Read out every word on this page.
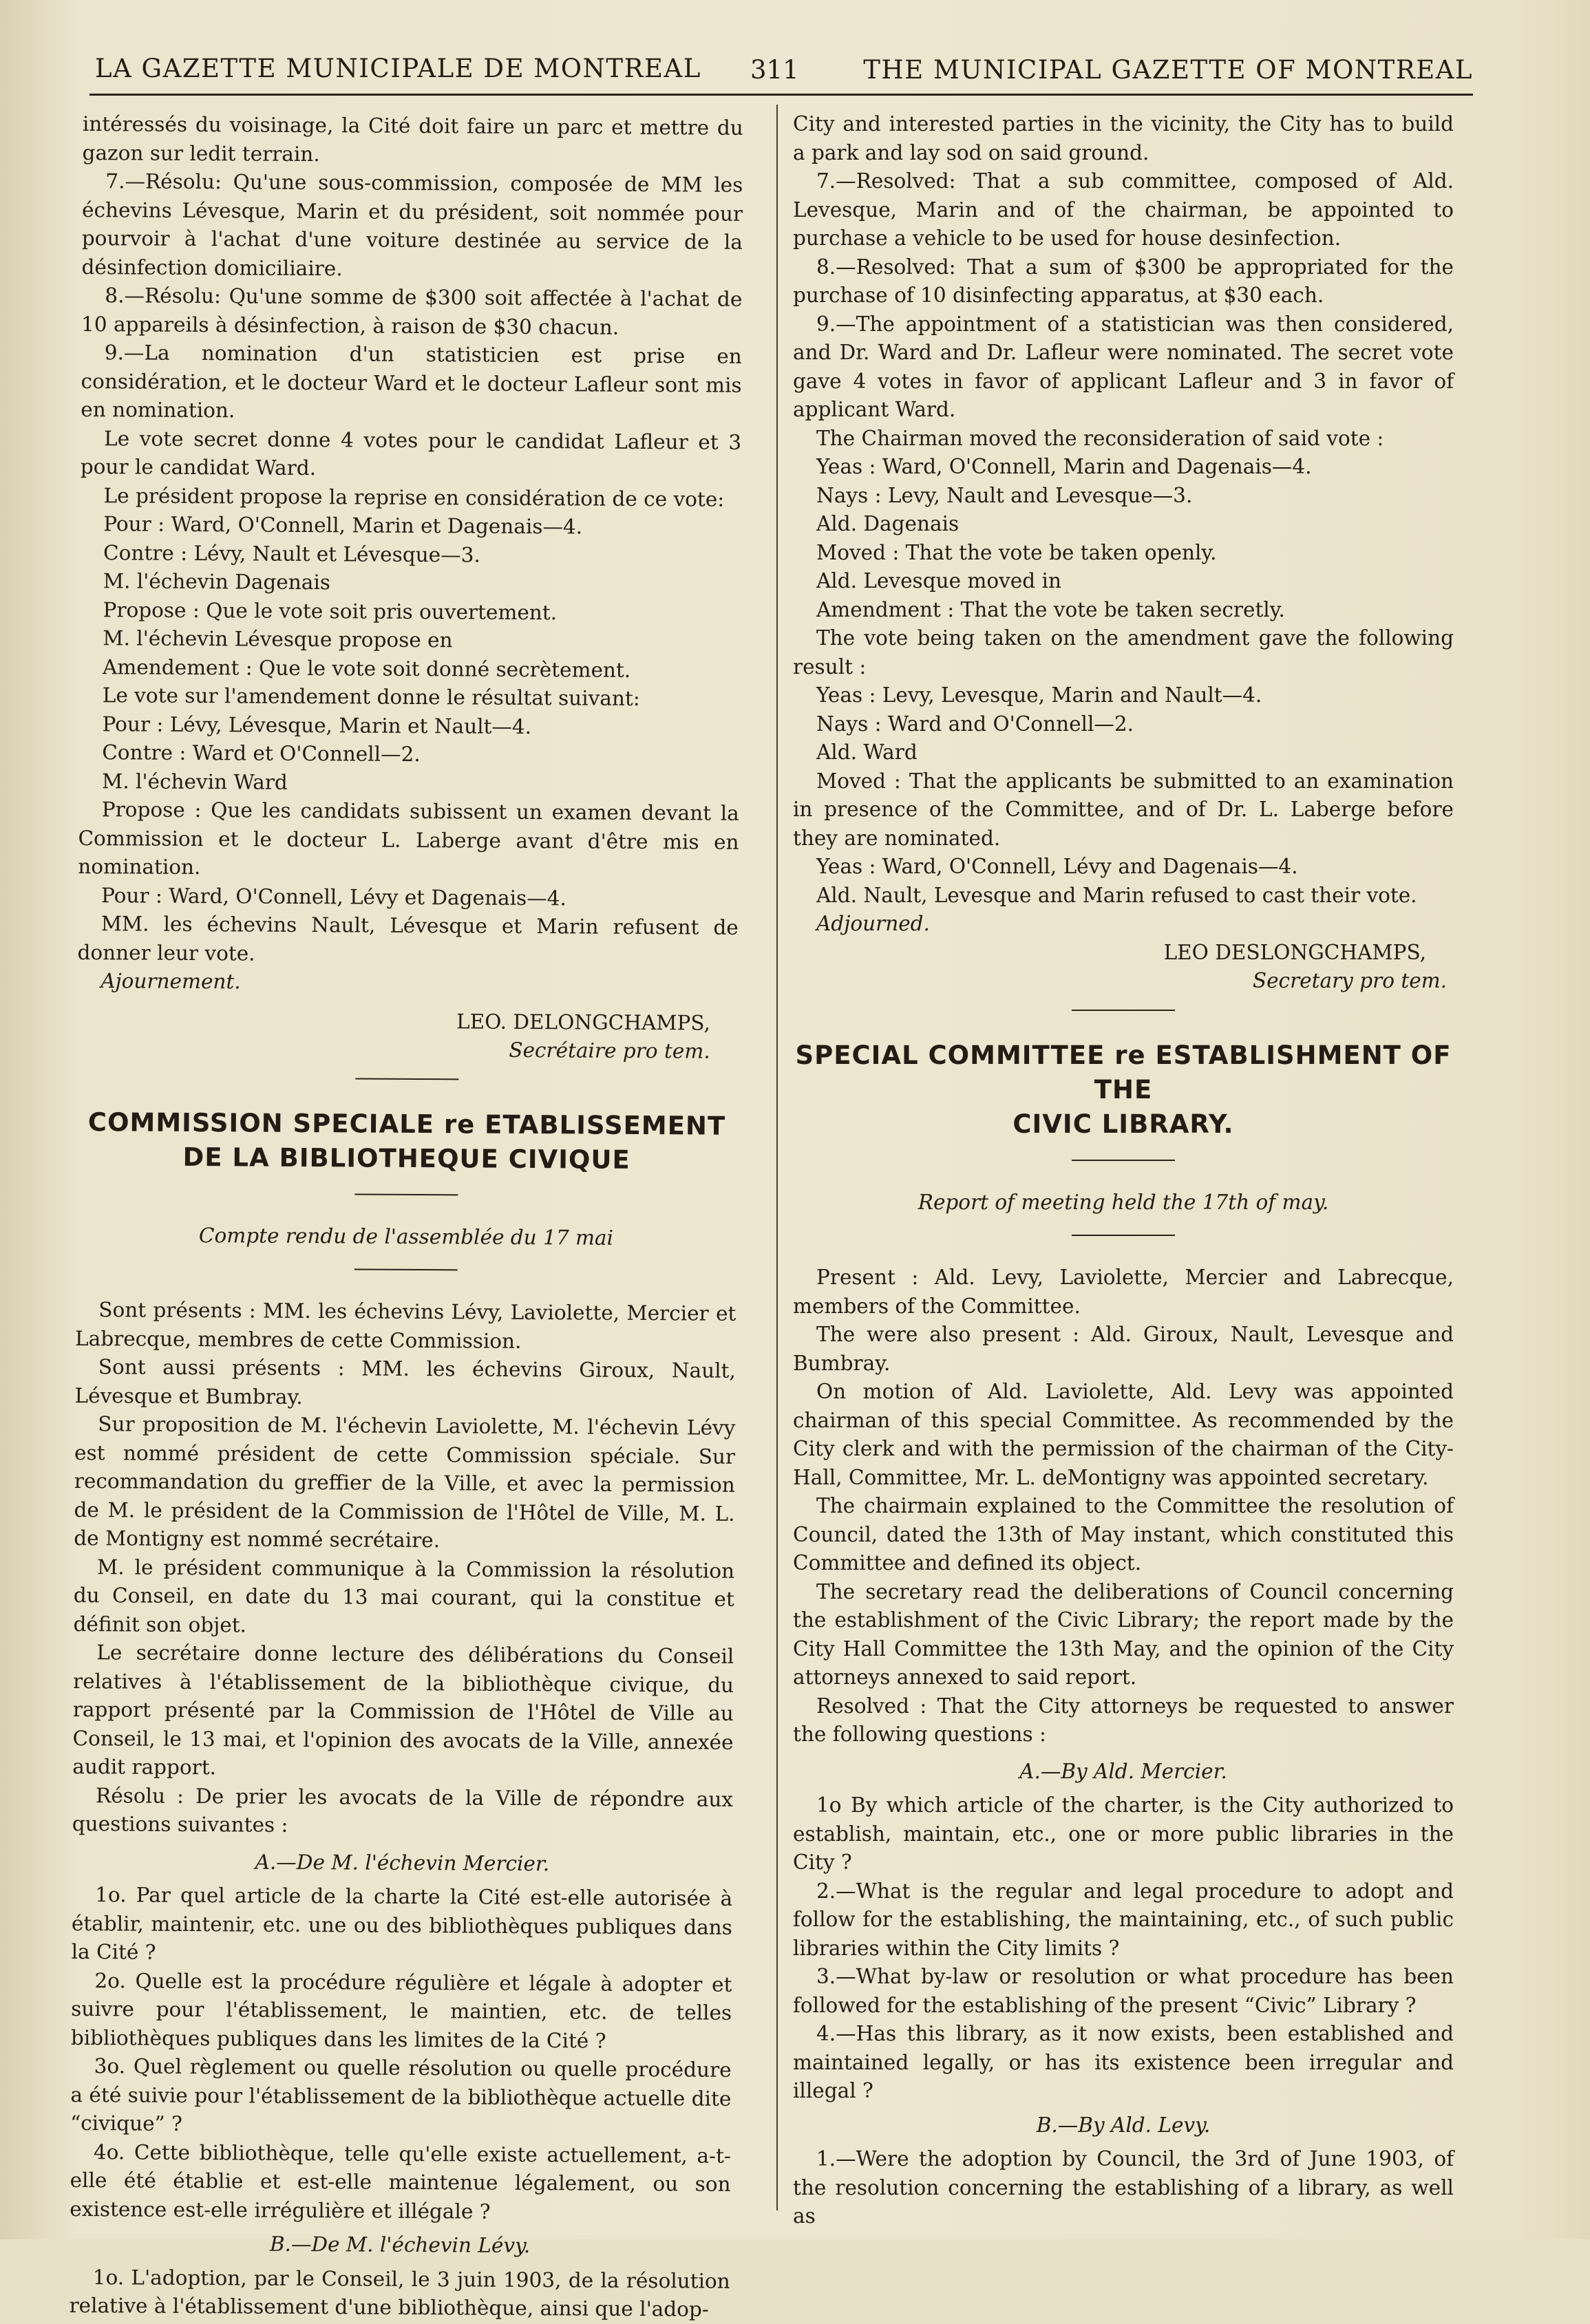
LA GAZETTE MUNICIPALE DE MONTREAL 311	THE MUNICIPAL GAZETTE OF MONTREAL

intéressés du voisinage, la Cité doit faire un parc et mettre du gazon sur ledit terrain.

7.—Résolu: Qu'une sous-commission, composée de MM les échevins Lévesque, Marin et du président, soit nommée pour pourvoir à l'achat d'une voiture destinée au service de la désinfection domiciliaire.

8.—Résolu: Qu'une somme de $300 soit affectée à l'achat de 10 appareils à désinfection, à raison de $30 chacun.

9.—La nomination d'un statisticien est prise en considération, et le docteur Ward et le docteur Lafleur sont mis en nomination.

Le vote secret donne 4 votes pour le candidat Lafleur et 3 pour le candidat Ward.

Le président propose la reprise en considération de ce vote:

Pour : Ward, O'Connell, Marin et Dagenais—4.

Contre : Lévy, Nault et Lévesque—3.

M. l'échevin Dagenais

Propose : Que le vote soit pris ouvertement.

M. l'échevin Lévesque propose en

Amendement : Que le vote soit donné secrètement.

Le vote sur l'amendement donne le résultat suivant:

Pour : Lévy, Lévesque, Marin et Nault—4.

Contre : Ward et O'Connell—2.

M. l'échevin Ward

Propose : Que les candidats subissent un examen devant la Commission et le docteur L. Laberge avant d'être mis en nomination.

Pour : Ward, O'Connell, Lévy et Dagenais—4.

MM. les échevins Nault, Lévesque et Marin refusent de donner leur vote.

Ajournement.

LEO. DELONGCHAMPS,

Secrétaire pro tem.

COMMISSION SPECIALE re ETABLISSEMENT

DE LA BIBLIOTHEQUE CIVIQUE

Compte rendu de l'assemblée du 17 mai

Sont présents : MM. les échevins Lévy, Laviolette, Mercier et Labrecque, membres de cette Commission.

Sont aussi présents : MM. les échevins Giroux, Nault, Lévesque et Bumbray.

Sur proposition de M. l'échevin Laviolette, M. l'échevin Lévy est nommé président de cette Commission spéciale. Sur recommandation du greffier de la Ville, et avec la permission de M. le président de la Commission de l'Hôtel de Ville, M. L. de Montigny est nommé secrétaire.

M. le président communique à la Commission la résolution du Conseil, en date du 13 mai courant, qui la constitue et définit son objet.

Le secrétaire donne lecture des délibérations du Conseil relatives à l'établissement de la bibliothèque civique, du rapport présenté par la Commission de l'Hôtel de Ville au Conseil, le 13 mai, et l'opinion des avocats de la Ville, annexée audit rapport.

Résolu : De prier les avocats de la Ville de répondre aux questions suivantes :

A.—De M. l'échevin Mercier.

1o. Par quel article de la charte la Cité est-elle autorisée à établir, maintenir, etc. une ou des bibliothèques publiques dans la Cité ?

2o. Quelle est la procédure régulière et légale à adopter et suivre pour l'établissement, le maintien, etc. de telles bibliothèques publiques dans les limites de la Cité ?

3o. Quel règlement ou quelle résolution ou quelle procédure a été suivie pour l'établissement de la bibliothèque actuelle dite “civique” ?

4o. Cette bibliothèque, telle qu'elle existe actuellement, a-t-elle été établie et est-elle maintenue légalement, ou son existence est-elle irrégulière et illégale ?

B.—De M. l'échevin Lévy.

1o. L'adoption, par le Conseil, le 3 juin 1903, de la résolution relative à l'établissement d'une bibliothèque, ainsi que l'adop-

City and interested parties in the vicinity, the City has to build a park and lay sod on said ground.

7.—Resolved: That a sub committee, composed of Ald. Levesque, Marin and of the chairman, be appointed to purchase a vehicle to be used for house desinfection.

8.—Resolved: That a sum of $300 be appropriated for the purchase of 10 disinfecting apparatus, at $30 each.

9.—The appointment of a statistician was then considered, and Dr. Ward and Dr. Lafleur were nominated. The secret vote gave 4 votes in favor of applicant Lafleur and 3 in favor of applicant Ward.

The Chairman moved the reconsideration of said vote :

Yeas : Ward, O'Connell, Marin and Dagenais—4.

Nays : Levy, Nault and Levesque—3.

Ald. Dagenais

Moved : That the vote be taken openly.

Ald. Levesque moved in

Amendment : That the vote be taken secretly.

The vote being taken on the amendment gave the following result :

Yeas : Levy, Levesque, Marin and Nault—4.

Nays : Ward and O'Connell—2.

Ald. Ward

Moved : That the applicants be submitted to an examination in presence of the Committee, and of Dr. L. Laberge before they are nominated.

Yeas : Ward, O'Connell, Lévy and Dagenais—4.

Ald. Nault, Levesque and Marin refused to cast their vote.

Adjourned.

LEO DESLONGCHAMPS,

Secretary pro tem.

SPECIAL COMMITTEE re ESTABLISHMENT OF THE

CIVIC LIBRARY.

Report of meeting held the 17th of may.

Present : Ald. Levy, Laviolette, Mercier and Labrecque, members of the Committee.

The were also present : Ald. Giroux, Nault, Levesque and Bumbray.

On motion of Ald. Laviolette, Ald. Levy was appointed chairman of this special Committee. As recommended by the City clerk and with the permission of the chairman of the City-Hall, Committee, Mr. L. deMontigny was appointed secretary.

The chairmain explained to the Committee the resolution of Council, dated the 13th of May instant, which constituted this Committee and defined its object.

The secretary read the deliberations of Council concerning the establishment of the Civic Library; the report made by the City Hall Committee the 13th May, and the opinion of the City attorneys annexed to said report.

Resolved : That the City attorneys be requested to answer the following questions :

A.—By Ald. Mercier.

1o By which article of the charter, is the City authorized to establish, maintain, etc., one or more public libraries in the City ?

2.—What is the regular and legal procedure to adopt and follow for the establishing, the maintaining, etc., of such public libraries within the City limits ?

3.—What by-law or resolution or what procedure has been followed for the establishing of the present “Civic” Library ?

4.—Has this library, as it now exists, been established and maintained legally, or has its existence been irregular and illegal ?

B.—By Ald. Levy.

1.—Were the adoption by Council, the 3rd of June 1903, of the resolution concerning the establishing of a library, as well as
